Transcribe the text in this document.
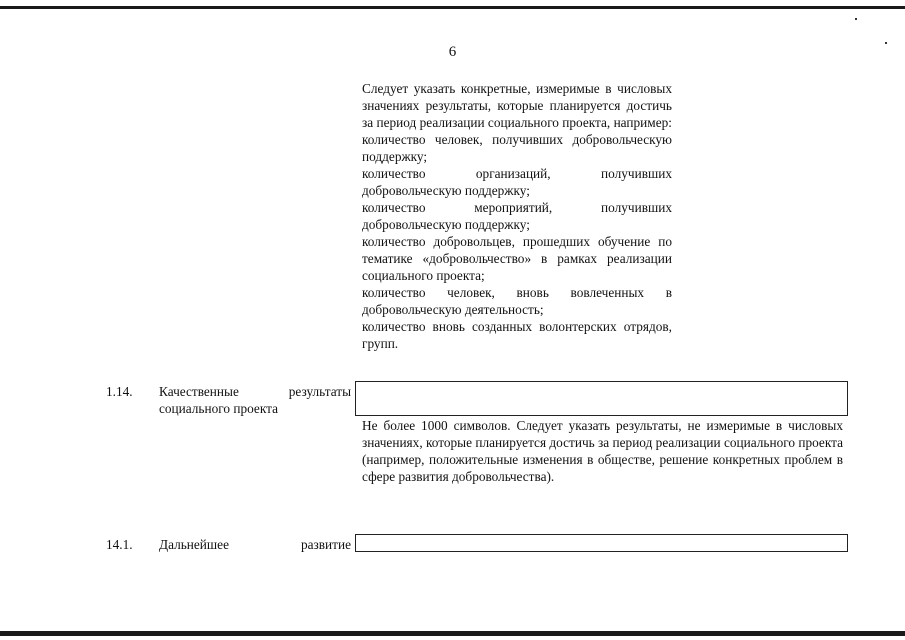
6

Следует указать конкретные, измеримые в числовых значениях результаты, которые планируется достичь за период реализации социального проекта, например:

количество человек, получивших добровольческую поддержку;

количество организаций, получивших добровольческую поддержку;

количество мероприятий, получивших добровольческую поддержку;

количество добровольцев, прошедших обучение по тематике «добровольчество» в рамках реализации социального проекта;

количество человек, вновь вовлеченных в добровольческую деятельность;

количество вновь созданных волонтерских отрядов, групп.

1.14. Качественные	результаты
социального проекта
Не более 1000 символов. Следует указать результаты, не измеримые в числовых значениях, которые планируется достичь за период реализации социального проекта (например, положительные изменения в обществе, решение конкретных проблем в сфере развития добровольчества).
14.1. Дальнейшее	развитие
